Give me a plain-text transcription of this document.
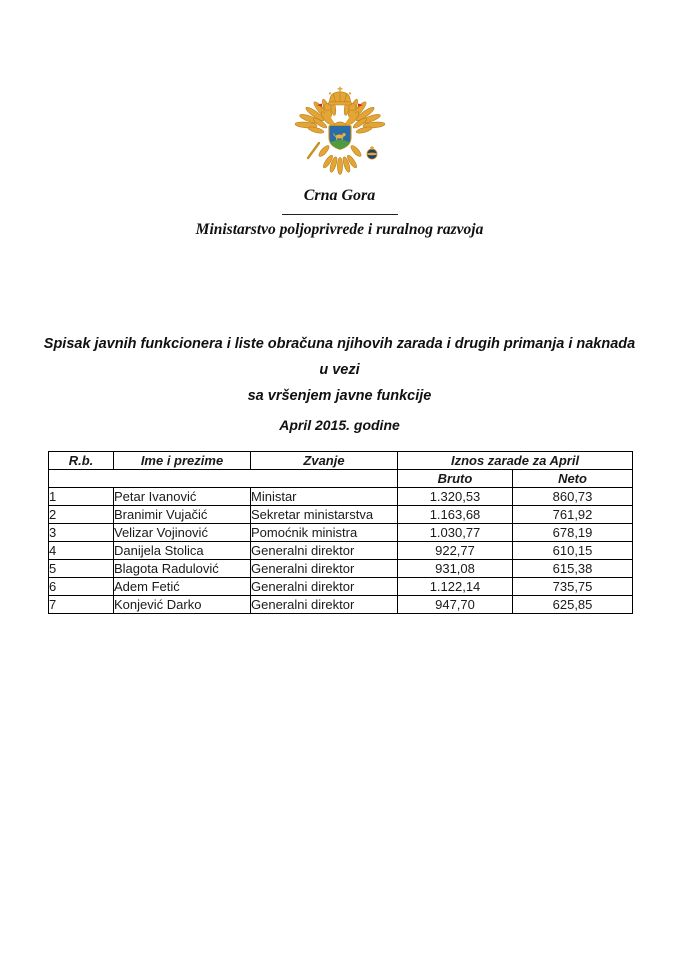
Crna Gora
Ministarstvo poljoprivrede i ruralnog razvoja
Spisak javnih funkcionera i liste obračuna njihovih zarada i drugih primanja i naknada u vezi
sa vršenjem javne funkcije
April 2015. godine
R.b.	Ime i prezime	Zvanje	Iznos zarade za April	
			Bruto	Neto
1	Petar Ivanović	Ministar	1.320,53	860,73
2	Branimir Vujačić	Sekretar ministarstva	1.163,68	761,92
3	Velizar Vojinović	Pomoćnik ministra	1.030,77	678,19
4	Danijela Stolica	Generalni direktor	922,77	610,15
5	Blagota Radulović	Generalni direktor	931,08	615,38
6	Adem Fetić	Generalni direktor	1.122,14	735,75
7	Konjević Darko	Generalni direktor	947,70	625,85
